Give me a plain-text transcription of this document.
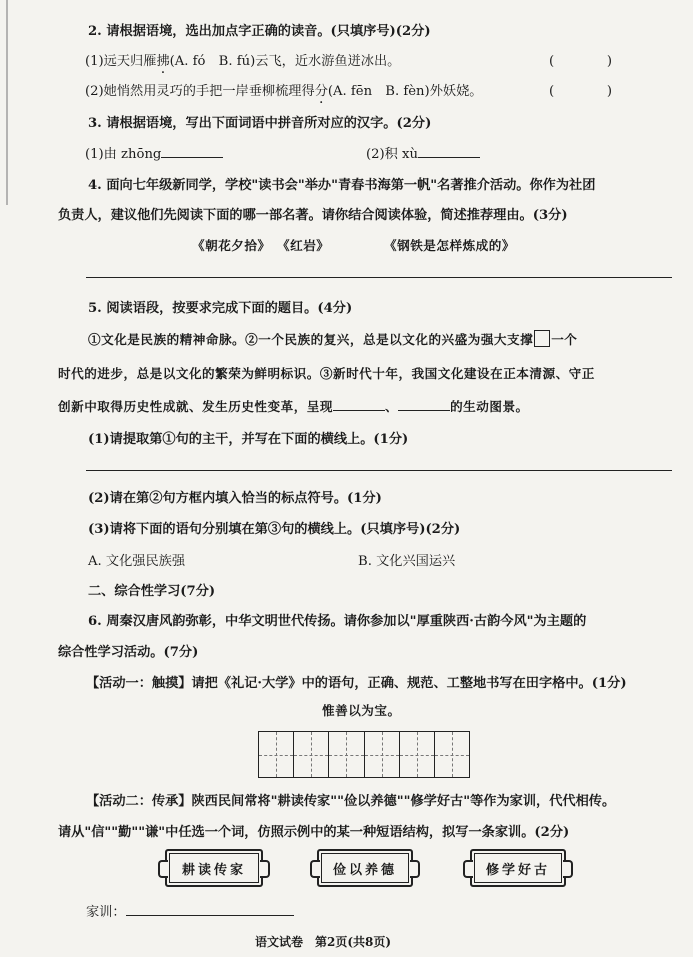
2. 请根据语境，选出加点字正确的读音。(只填序号)(2分)
(1)远天归雁拂(A. fó　B. fú)云飞，近水游鱼迸冰出。	(　　　　)
(2)她悄然用灵巧的手把一岸垂柳梳理得分(A. fēn　B. fèn)外妖娆。	(　　　　)
3. 请根据语境，写出下面词语中拼音所对应的汉字。(2分)
(1)由 zhōng	(2)积 xù
4. 面向七年级新同学，学校"读书会"举办"青春书海第一帆"名著推介活动。你作为社团
负责人，建议他们先阅读下面的哪一部名著。请你结合阅读体验，简述推荐理由。(3分)
《朝花夕拾》 《红岩》	《钢铁是怎样炼成的》
5. 阅读语段，按要求完成下面的题目。(4分)
①文化是民族的精神命脉。②一个民族的复兴，总是以文化的兴盛为强大支撑 一个
时代的进步，总是以文化的繁荣为鲜明标识。③新时代十年，我国文化建设在正本清源、守正
创新中取得历史性成就、发生历史性变革，呈现	、	的生动图景。
(1)请提取第①句的主干，并写在下面的横线上。(1分)
(2)请在第②句方框内填入恰当的标点符号。(1分)
(3)请将下面的语句分别填在第③句的横线上。(只填序号)(2分)
A. 文化强民族强	B. 文化兴国运兴
二、综合性学习(7分)
6. 周秦汉唐风韵弥彰，中华文明世代传扬。请你参加以"厚重陕西·古韵今风"为主题的
综合性学习活动。(7分)
【活动一：触摸】请把《礼记·大学》中的语句，正确、规范、工整地书写在田字格中。(1分)
惟善以为宝。
【活动二：传承】陕西民间常将"耕读传家""俭以养德""修学好古"等作为家训，代代相传。
请从"信""勤""谦"中任选一个词，仿照示例中的某一种短语结构，拟写一条家训。(2分)
耕读传家	俭以养德	修学好古
家训：
语文试卷　第2页(共8页)
